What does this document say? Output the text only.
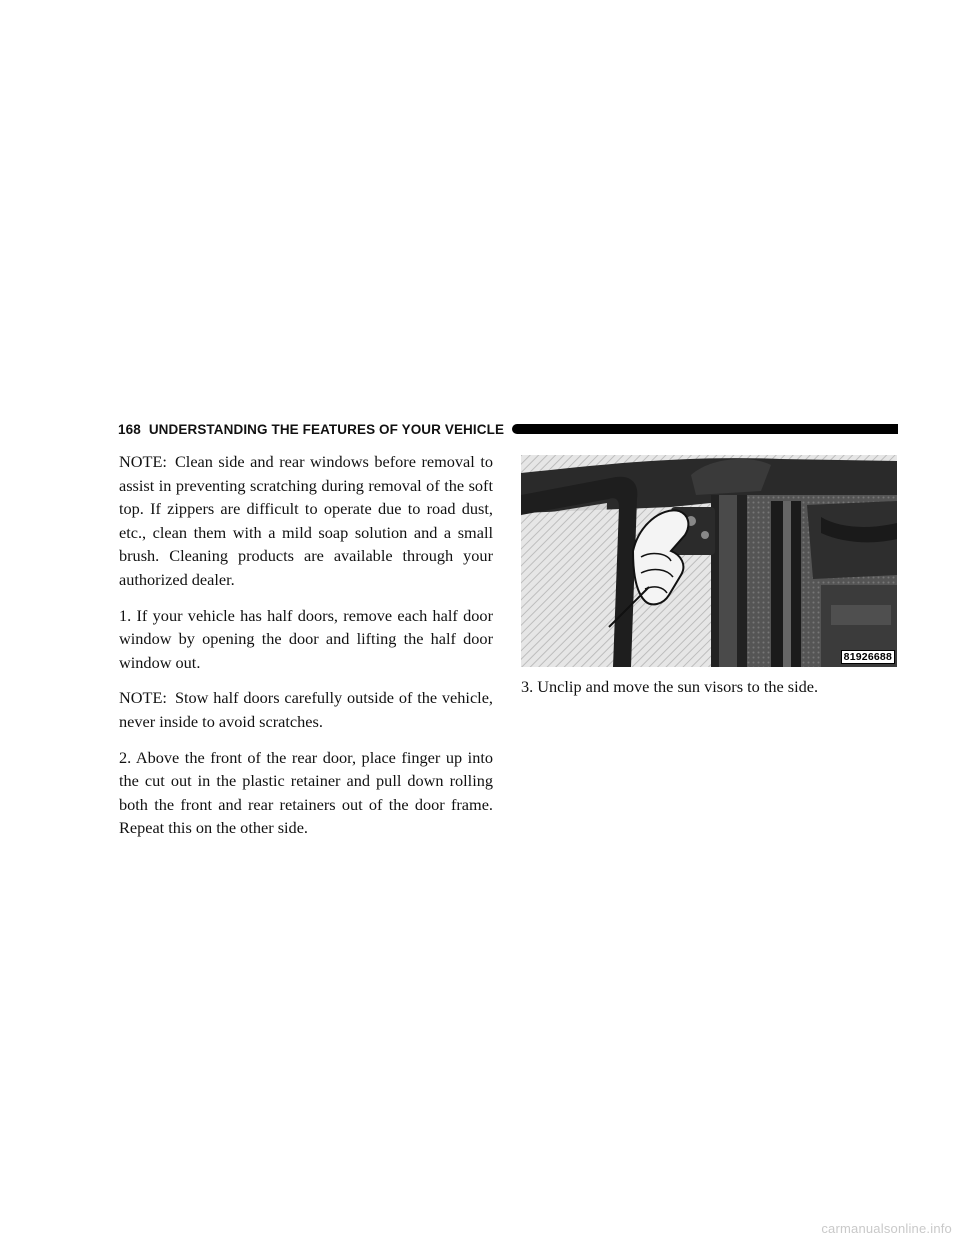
168 UNDERSTANDING THE FEATURES OF YOUR VEHICLE

NOTE: Clean side and rear windows before removal to assist in preventing scratching during removal of the soft top. If zippers are difficult to operate due to road dust, etc., clean them with a mild soap solution and a small brush. Cleaning products are available through your authorized dealer.

1. If your vehicle has half doors, remove each half door window by opening the door and lifting the half door window out.

NOTE: Stow half doors carefully outside of the vehicle, never inside to avoid scratches.

2. Above the front of the rear door, place finger up into the cut out in the plastic retainer and pull down rolling both the front and rear retainers out of the door frame. Repeat this on the other side.

81926688

3. Unclip and move the sun visors to the side.

carmanualsonline.info
